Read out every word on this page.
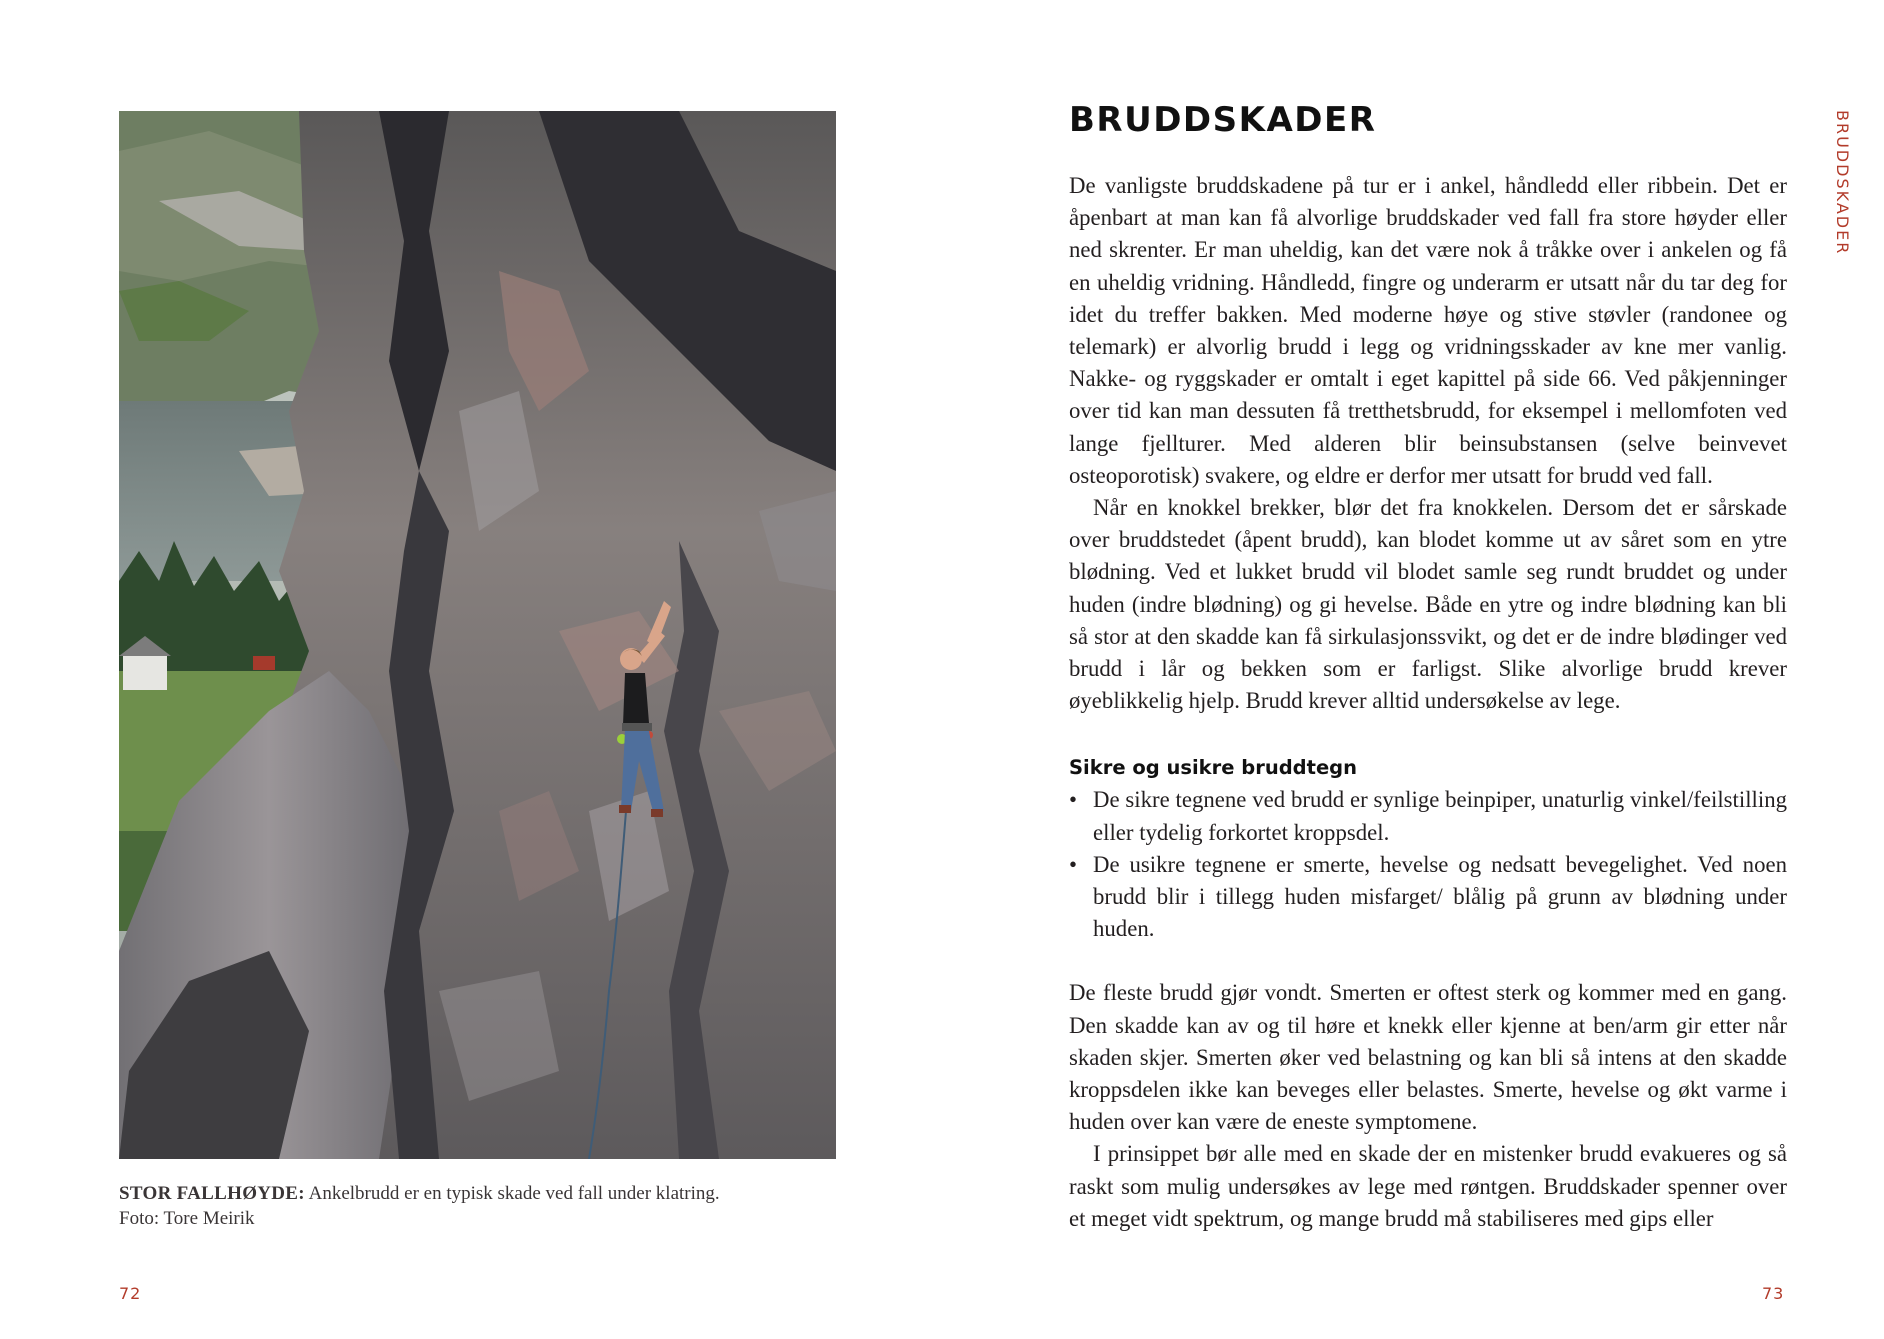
STOR FALLHØYDE: Ankelbrudd er en typisk skade ved fall under klatring.
Foto: Tore Meirik
72
BRUDDSKADER	BRUDDSKADER

De vanligste bruddskadene på tur er i ankel, håndledd eller ribbein. Det er åpenbart at man kan få alvorlige bruddskader ved fall fra store høyder eller ned skrenter. Er man uheldig, kan det være nok å tråkke over i ankelen og få en uheldig vridning. Håndledd, fingre og underarm er utsatt når du tar deg for idet du treffer bakken. Med moderne høye og stive støvler (randonee og telemark) er alvorlig brudd i legg og vridningsskader av kne mer vanlig. Nakke- og ryggskader er omtalt i eget kapittel på side 66. Ved påkjenninger over tid kan man dessuten få tretthetsbrudd, for eksempel i mellomfoten ved lange fjellturer. Med alderen blir beinsubstansen (selve beinvevet osteoporotisk) svakere, og eldre er derfor mer utsatt for brudd ved fall.

Når en knokkel brekker, blør det fra knokkelen. Dersom det er sårskade over bruddstedet (åpent brudd), kan blodet komme ut av såret som en ytre blødning. Ved et lukket brudd vil blodet samle seg rundt bruddet og under huden (indre blødning) og gi hevelse. Både en ytre og indre blødning kan bli så stor at den skadde kan få sirkulasjonssvikt, og det er de indre blødinger ved brudd i lår og bekken som er farligst. Slike alvorlige brudd krever øyeblikkelig hjelp. Brudd krever alltid undersøkelse av lege.

Sikre og usikre bruddtegn
• De sikre tegnene ved brudd er synlige beinpiper, unaturlig vinkel/feilstilling eller tydelig forkortet kroppsdel.
• De usikre tegnene er smerte, hevelse og nedsatt bevegelighet. Ved noen brudd blir i tillegg huden misfarget/ blålig på grunn av blødning under huden.

De fleste brudd gjør vondt. Smerten er oftest sterk og kommer med en gang. Den skadde kan av og til høre et knekk eller kjenne at ben/arm gir etter når skaden skjer. Smerten øker ved belastning og kan bli så intens at den skadde kroppsdelen ikke kan beveges eller belastes. Smerte, hevelse og økt varme i huden over kan være de eneste symptomene.

I prinsippet bør alle med en skade der en mistenker brudd evakueres og så raskt som mulig undersøkes av lege med røntgen. Bruddskader spenner over et meget vidt spektrum, og mange brudd må stabiliseres med gips eller

73
